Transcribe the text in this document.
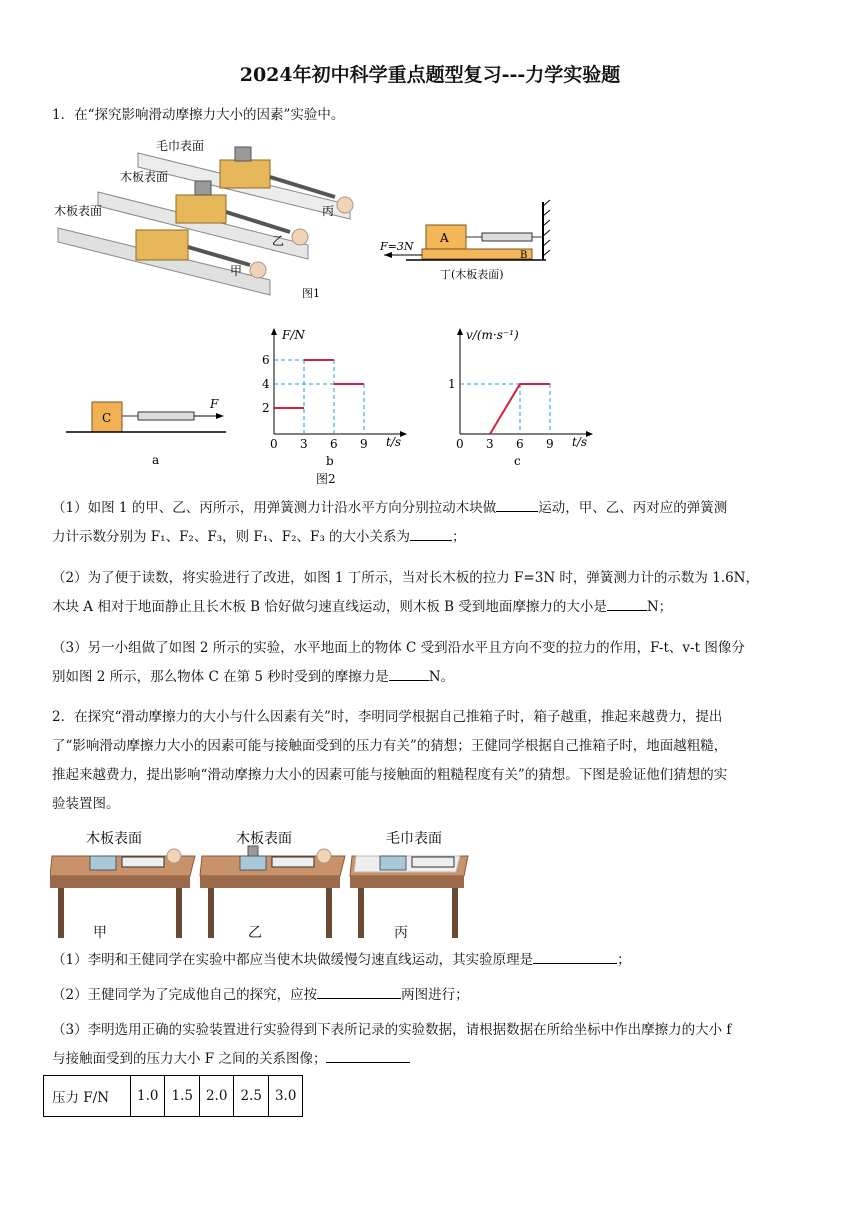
2024年初中科学重点题型复习---力学实验题
1．在“探究影响滑动摩擦力大小的因素”实验中。
毛巾表面
木板表面
木板表面
甲
乙
丙
图1
A
B
F=3N
丁(木板表面)
C
F
a
F/N
t/s
2
4
6
0 3 6 9
b
图2
v/(m·s⁻¹)
t/s
1
0 3 6 9
c
（1）如图 1 的甲、乙、丙所示，用弹簧测力计沿水平方向分别拉动木块做	运动，甲、乙、丙对应的弹簧测
力计示数分别为 F₁、F₂、F₃，则 F₁、F₂、F₃ 的大小关系为	；
（2）为了便于读数，将实验进行了改进，如图 1 丁所示，当对长木板的拉力 F=3N 时，弹簧测力计的示数为 1.6N，
木块 A 相对于地面静止且长木板 B 恰好做匀速直线运动，则木板 B 受到地面摩擦力的大小是	N；
（3）另一小组做了如图 2 所示的实验，水平地面上的物体 C 受到沿水平且方向不变的拉力的作用，F-t、v-t 图像分
别如图 2 所示，那么物体 C 在第 5 秒时受到的摩擦力是	N。
2．在探究“滑动摩擦力的大小与什么因素有关”时，李明同学根据自己推箱子时，箱子越重，推起来越费力，提出
了“影响滑动摩擦力大小的因素可能与接触面受到的压力有关”的猜想；王健同学根据自己推箱子时，地面越粗糙，
推起来越费力，提出影响“滑动摩擦力大小的因素可能与接触面的粗糙程度有关”的猜想。下图是验证他们猜想的实
验装置图。
木板表面	木板表面	毛巾表面
甲	乙	丙
（1）李明和王健同学在实验中都应当使木块做缓慢匀速直线运动，其实验原理是	；
（2）王健同学为了完成他自己的探究，应按	两图进行；
（3）李明选用正确的实验装置进行实验得到下表所记录的实验数据，请根据数据在所给坐标中作出摩擦力的大小 f
与接触面受到的压力大小 F 之间的关系图像；
压力 F/N	1.0	1.5	2.0	2.5	3.0
